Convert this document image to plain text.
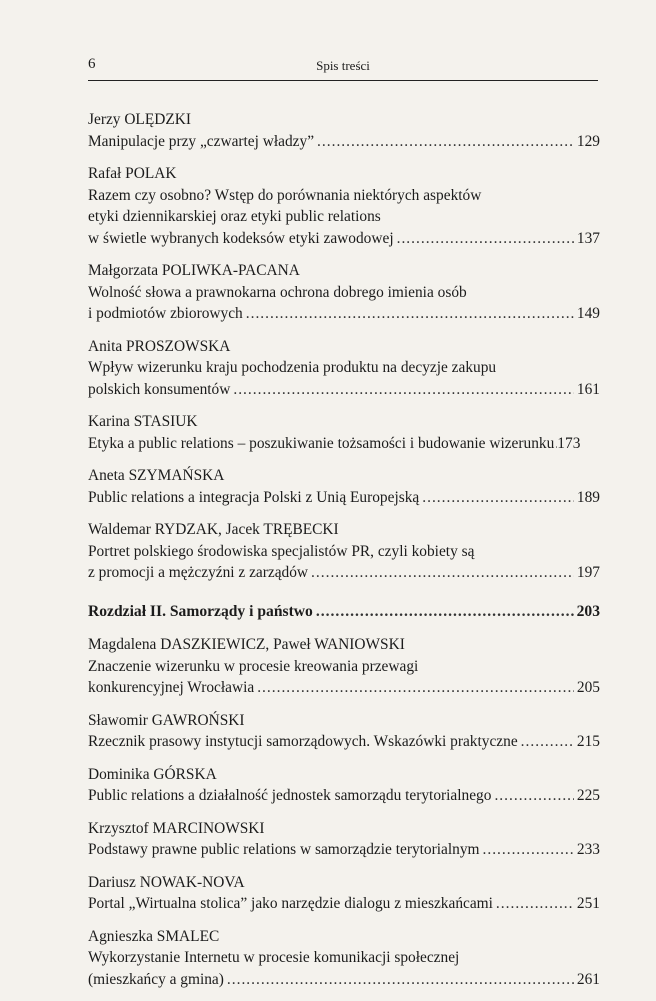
6	Spis treści
Jerzy OLĘDZKI
Manipulacje przy „czwartej władzy” .....	129
Rafał POLAK
Razem czy osobno? Wstęp do porównania niektórych aspektów
etyki dziennikarskiej oraz etyki public relations
w świetle wybranych kodeksów etyki zawodowej .....	137
Małgorzata POLIWKA-PACANA
Wolność słowa a prawnokarna ochrona dobrego imienia osób
i podmiotów zbiorowych .....	149
Anita PROSZOWSKA
Wpływ wizerunku kraju pochodzenia produktu na decyzje zakupu
polskich konsumentów .....	161
Karina STASIUK
Etyka a public relations – poszukiwanie tożsamości i budowanie wizerunku .. 173
Aneta SZYMAŃSKA
Public relations a integracja Polski z Unią Europejską .....	189
Waldemar RYDZAK, Jacek TRĘBECKI
Portret polskiego środowiska specjalistów PR, czyli kobiety są
z promocji a mężczyźni z zarządów .....	197
Rozdział II. Samorządy i państwo .....	203
Magdalena DASZKIEWICZ, Paweł WANIOWSKI
Znaczenie wizerunku w procesie kreowania przewagi
konkurencyjnej Wrocławia .....	205
Sławomir GAWROŃSKI
Rzecznik prasowy instytucji samorządowych. Wskazówki praktyczne .....	215
Dominika GÓRSKA
Public relations a działalność jednostek samorządu terytorialnego .....	225
Krzysztof MARCINOWSKI
Podstawy prawne public relations w samorządzie terytorialnym .....	233
Dariusz NOWAK-NOVA
Portal „Wirtualna stolica” jako narzędzie dialogu z mieszkańcami .....	251
Agnieszka SMALEC
Wykorzystanie Internetu w procesie komunikacji społecznej
(mieszkańcy a gmina) .....	261
